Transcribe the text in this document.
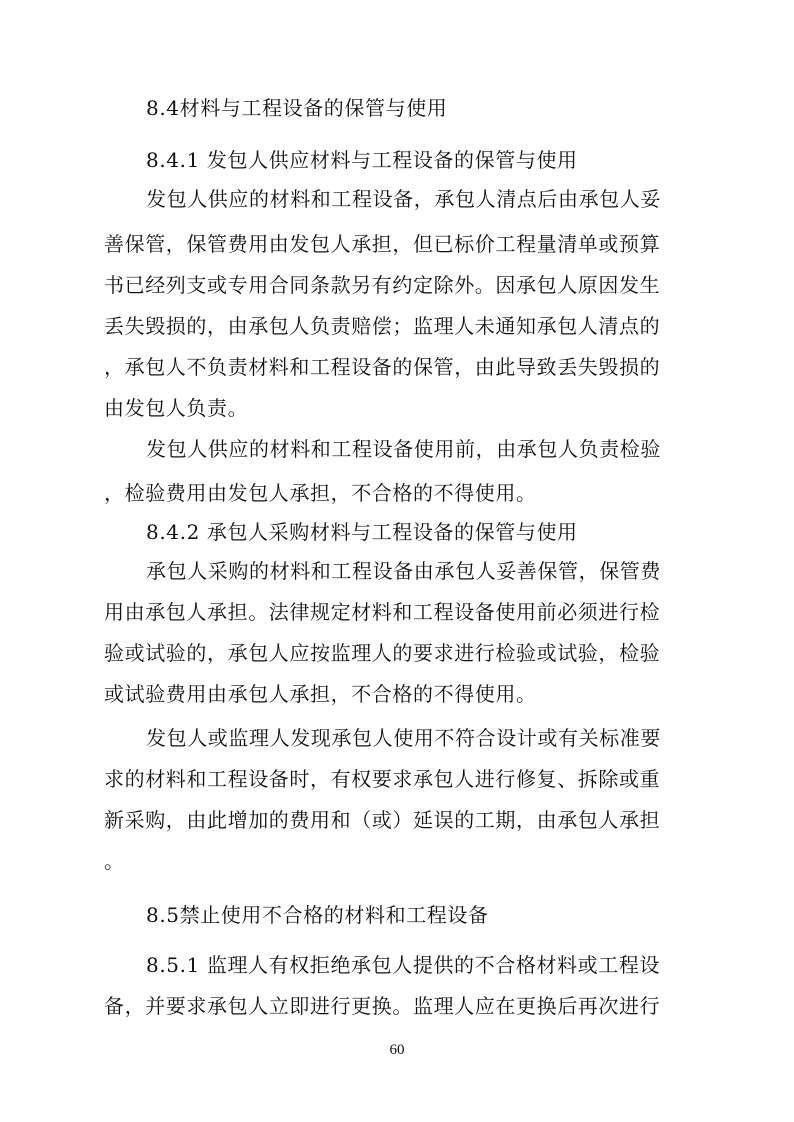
8.4材料与工程设备的保管与使用
8.4.1 发包人供应材料与工程设备的保管与使用
发包人供应的材料和工程设备，承包人清点后由承包人妥
善保管，保管费用由发包人承担，但已标价工程量清单或预算
书已经列支或专用合同条款另有约定除外。因承包人原因发生
丢失毁损的，由承包人负责赔偿；监理人未通知承包人清点的
，承包人不负责材料和工程设备的保管，由此导致丢失毁损的
由发包人负责。
发包人供应的材料和工程设备使用前，由承包人负责检验
，检验费用由发包人承担，不合格的不得使用。
8.4.2 承包人采购材料与工程设备的保管与使用
承包人采购的材料和工程设备由承包人妥善保管，保管费
用由承包人承担。法律规定材料和工程设备使用前必须进行检
验或试验的，承包人应按监理人的要求进行检验或试验，检验
或试验费用由承包人承担，不合格的不得使用。
发包人或监理人发现承包人使用不符合设计或有关标准要
求的材料和工程设备时，有权要求承包人进行修复、拆除或重
新采购，由此增加的费用和（或）延误的工期，由承包人承担
。
8.5禁止使用不合格的材料和工程设备
8.5.1 监理人有权拒绝承包人提供的不合格材料或工程设
备，并要求承包人立即进行更换。监理人应在更换后再次进行
60
